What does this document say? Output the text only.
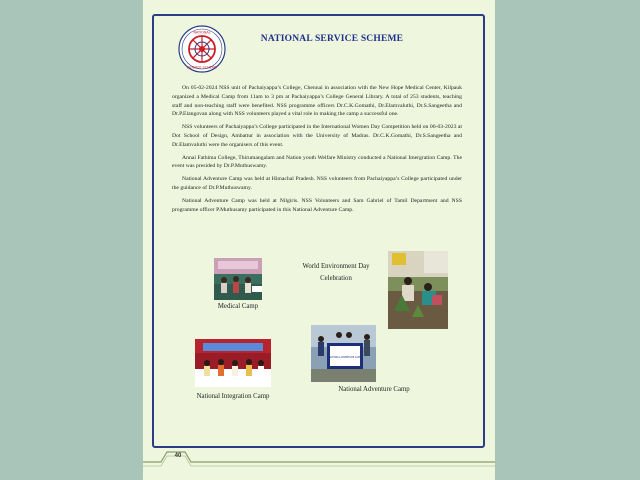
NATIONAL
SERVICE SCHEME
NATIONAL SERVICE SCHEME

On 05-02-2024 NSS unit of Pachaiyappa’s College, Chennai in association with the New Hope Medical Center, Kilpauk organized a Medical Camp from 11am to 3 pm at Pachaiyappa’s College General Library. A total of 253 students, teaching staff and non-teaching staff were benefited. NSS programme officers Dr.C.K.Gomathi, Dr.Elamvaluthi, Dr.S.Sangeetha and Dr.P.Elangovan along with NSS volunteers played a vital role in making the camp a successful one.

NSS volunteers of Pachaiyappa’s College participated in the International Women Day Competition held on 06-03-2023 at Dot School of Design, Ambattur in association with the University of Madras. Dr.C.K.Gomathi, Dr.S.Sangeetha and Dr.Elamvaluthi were the organisers of this event.

Annai Fathima College, Thirumangalam and Nation youth Welfare Ministry conducted a National Imergration Camp. The event was presided by Dr.P.Muthuswamy.

National Adventure Camp was held at Himachal Pradesh. NSS volunteers from Pachaiyappa’s College participated under the guidance of Dr.P.Muthuswamy.

National Adventure Camp was held at Nilgiris. NSS Volunteers and Sam Gabriel of Tamil Department and NSS programme officer P.Muthusamy participated in this National Adventure Camp.

Medical Camp
World Environment Day
Celebration
National Integration Camp
NATIONAL ADVENTURE CAMP
National Adventure Camp
40
